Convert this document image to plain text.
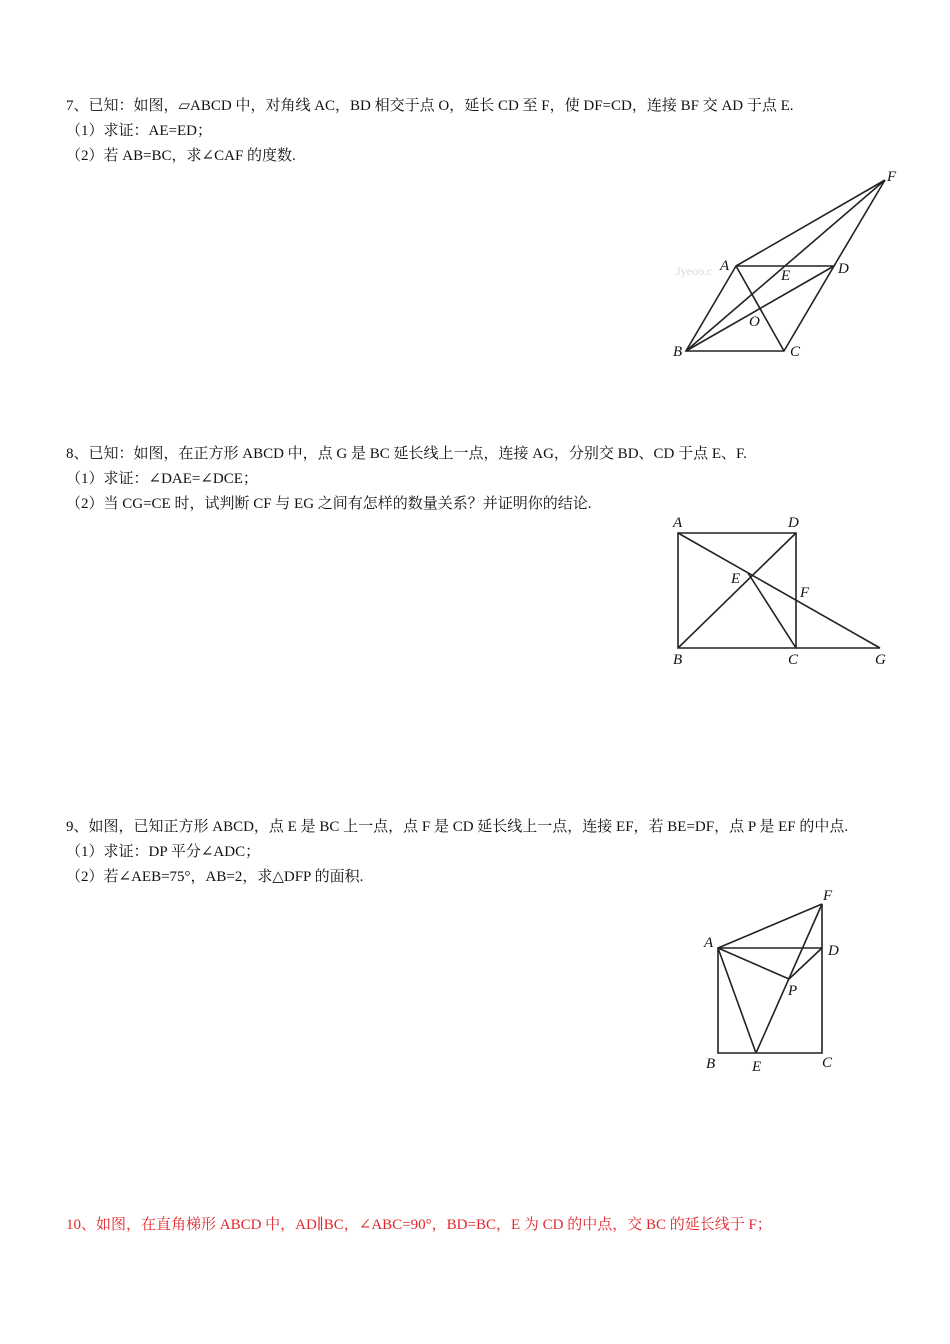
7、已知：如图，▱ABCD 中，对角线 AC，BD 相交于点 O，延长 CD 至 F，使 DF=CD，连接 BF 交 AD 于点 E.
（1）求证：AE=ED；
（2）若 AB=BC，求∠CAF 的度数.
Jyeoo.c A
B	C
D
E
F
O
8、已知：如图，在正方形 ABCD 中，点 G 是 BC 延长线上一点，连接 AG，分别交 BD、CD 于点 E、F.
（1）求证：∠DAE=∠DCE；
（2）当 CG=CE 时，试判断 CF 与 EG 之间有怎样的数量关系？并证明你的结论.
A	D
B	C	G
E
F
9、如图，已知正方形 ABCD，点 E 是 BC 上一点，点 F 是 CD 延长线上一点，连接 EF，若 BE=DF，点 P 是 EF 的中点.
（1）求证：DP 平分∠ADC；
（2）若∠AEB=75°，AB=2，求△DFP 的面积.
F
A	D
P
B E	C
10、如图，在直角梯形 ABCD 中，AD∥BC，∠ABC=90°，BD=BC，E 为 CD 的中点，交 BC 的延长线于 F；
